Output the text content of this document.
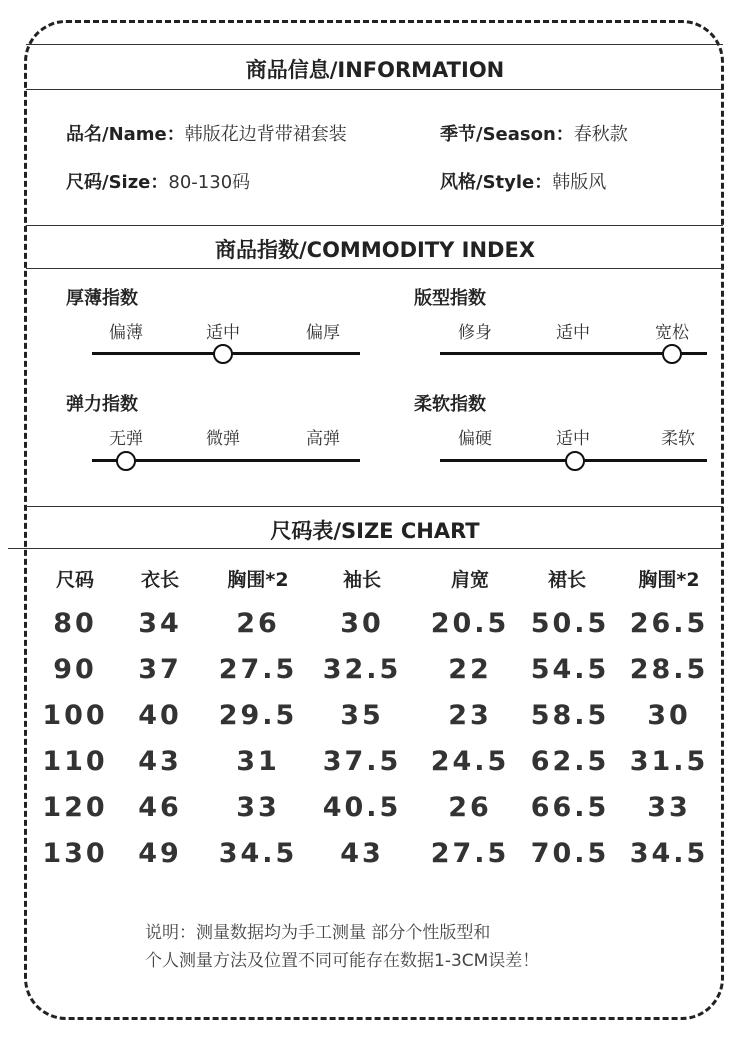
商品信息/INFORMATION
品名/Name：韩版花边背带裙套装	季节/Season：春秋款
尺码/Size：80-130码	风格/Style：韩版风
商品指数/COMMODITY INDEX
厚薄指数
偏薄	适中	偏厚
版型指数
修身	适中	宽松
弹力指数
无弹	微弹	高弹
柔软指数
偏硬	适中	柔软
尺码表/SIZE CHART
尺码 衣长	胸围*2	袖长	肩宽	裙长	胸围*2
80 34 26 30 20.5 50.5 26.5
90 37 27.5 32.5 22 54.5 28.5
100 40 29.5 35 23 58.5 30
110 43 31 37.5 24.5 62.5 31.5
120 46 33 40.5 26 66.5 33
130 49 34.5 43 27.5 70.5 34.5
说明：测量数据均为手工测量 部分个性版型和
个人测量方法及位置不同可能存在数据1-3CM误差！
